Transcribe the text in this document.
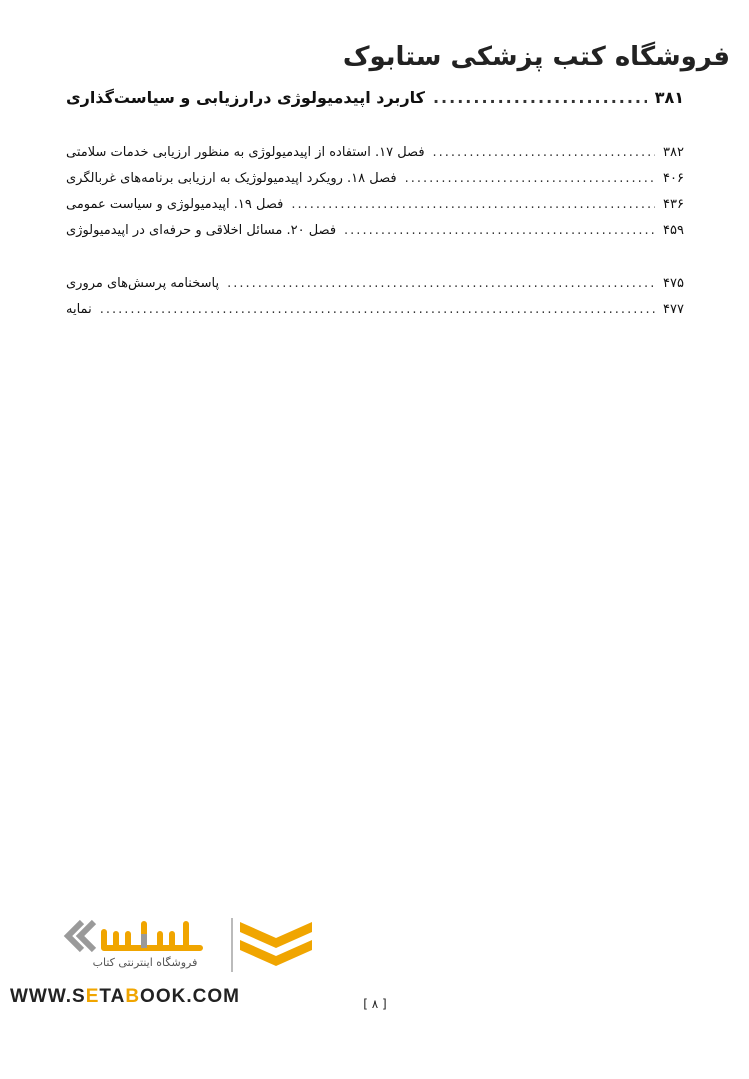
فروشگاه کتب پزشکی ستابوک
کاربرد اپیدمیولوژی درارزیابی و سیاست‌گذاری .....	۳۸۱
فصل ۱۷. استفاده از اپیدمیولوژی به منظور ارزیابی خدمات سلامتی .....	۳۸۲
فصل ۱۸. رویکرد اپیدمیولوژیک به ارزیابی برنامه‌های غربالگری .....	۴۰۶
فصل ۱۹. اپیدمیولوژی و سیاست عمومی .....	۴۳۶
فصل ۲۰. مسائل اخلاقی و حرفه‌ای در اپیدمیولوژی .....	۴۵۹
پاسخنامه پرسش‌های مروری .....	۴۷۵
نمایه .....	۴۷۷
فروشگاه اینترنتی کتاب
WWW.SETABOOK.COM	[ ۸ ]
